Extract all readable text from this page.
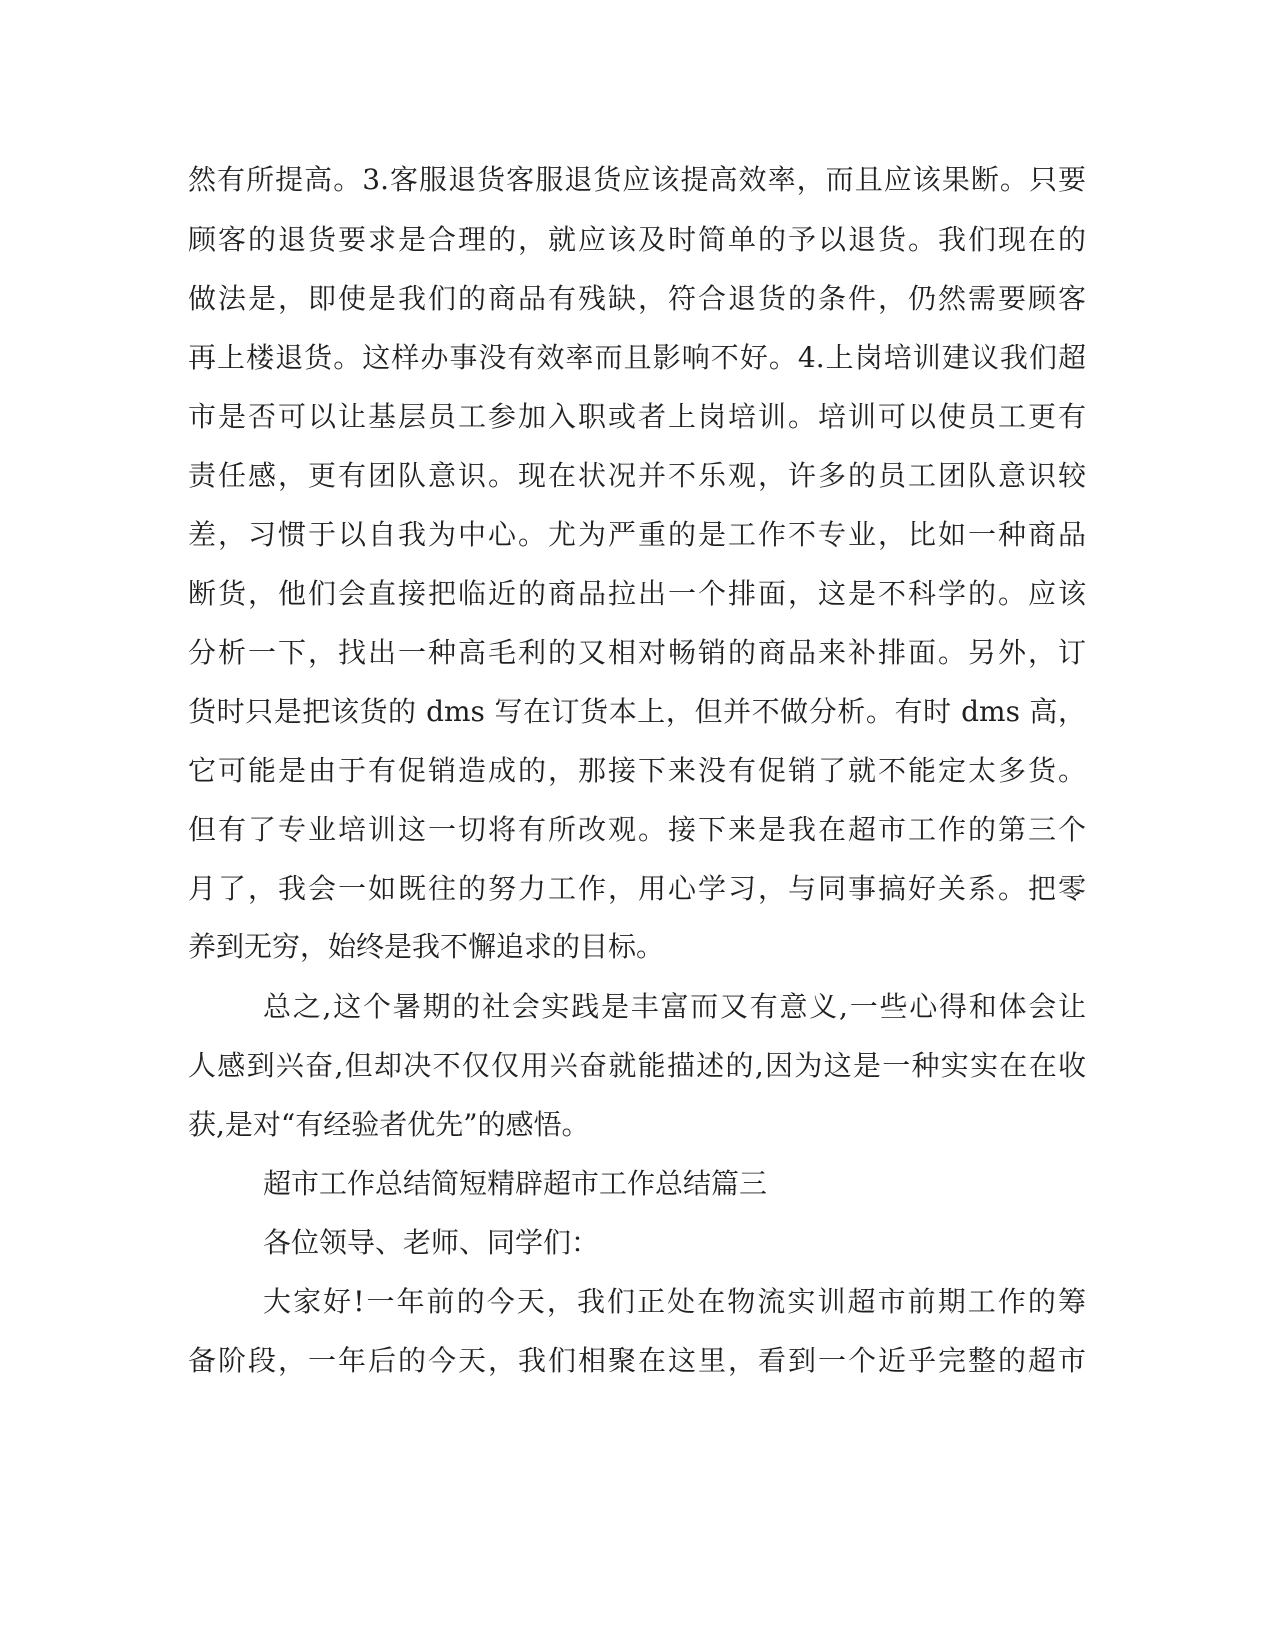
然有所提高。3.客服退货客服退货应该提高效率，而且应该果断。只要
顾客的退货要求是合理的，就应该及时简单的予以退货。我们现在的
做法是，即使是我们的商品有残缺，符合退货的条件，仍然需要顾客
再上楼退货。这样办事没有效率而且影响不好。4.上岗培训建议我们超
市是否可以让基层员工参加入职或者上岗培训。培训可以使员工更有
责任感，更有团队意识。现在状况并不乐观，许多的员工团队意识较
差，习惯于以自我为中心。尤为严重的是工作不专业，比如一种商品
断货，他们会直接把临近的商品拉出一个排面，这是不科学的。应该
分析一下，找出一种高毛利的又相对畅销的商品来补排面。另外，订
货时只是把该货的 dms 写在订货本上，但并不做分析。有时 dms 高，
它可能是由于有促销造成的，那接下来没有促销了就不能定太多货。
但有了专业培训这一切将有所改观。接下来是我在超市工作的第三个
月了，我会一如既往的努力工作，用心学习，与同事搞好关系。把零
养到无穷，始终是我不懈追求的目标。
总之,这个暑期的社会实践是丰富而又有意义,一些心得和体会让
人感到兴奋,但却决不仅仅用兴奋就能描述的,因为这是一种实实在在收
获,是对“有经验者优先”的感悟。
超市工作总结简短精辟超市工作总结篇三
各位领导、老师、同学们：
大家好!一年前的今天，我们正处在物流实训超市前期工作的筹
备阶段，一年后的今天，我们相聚在这里，看到一个近乎完整的超市
